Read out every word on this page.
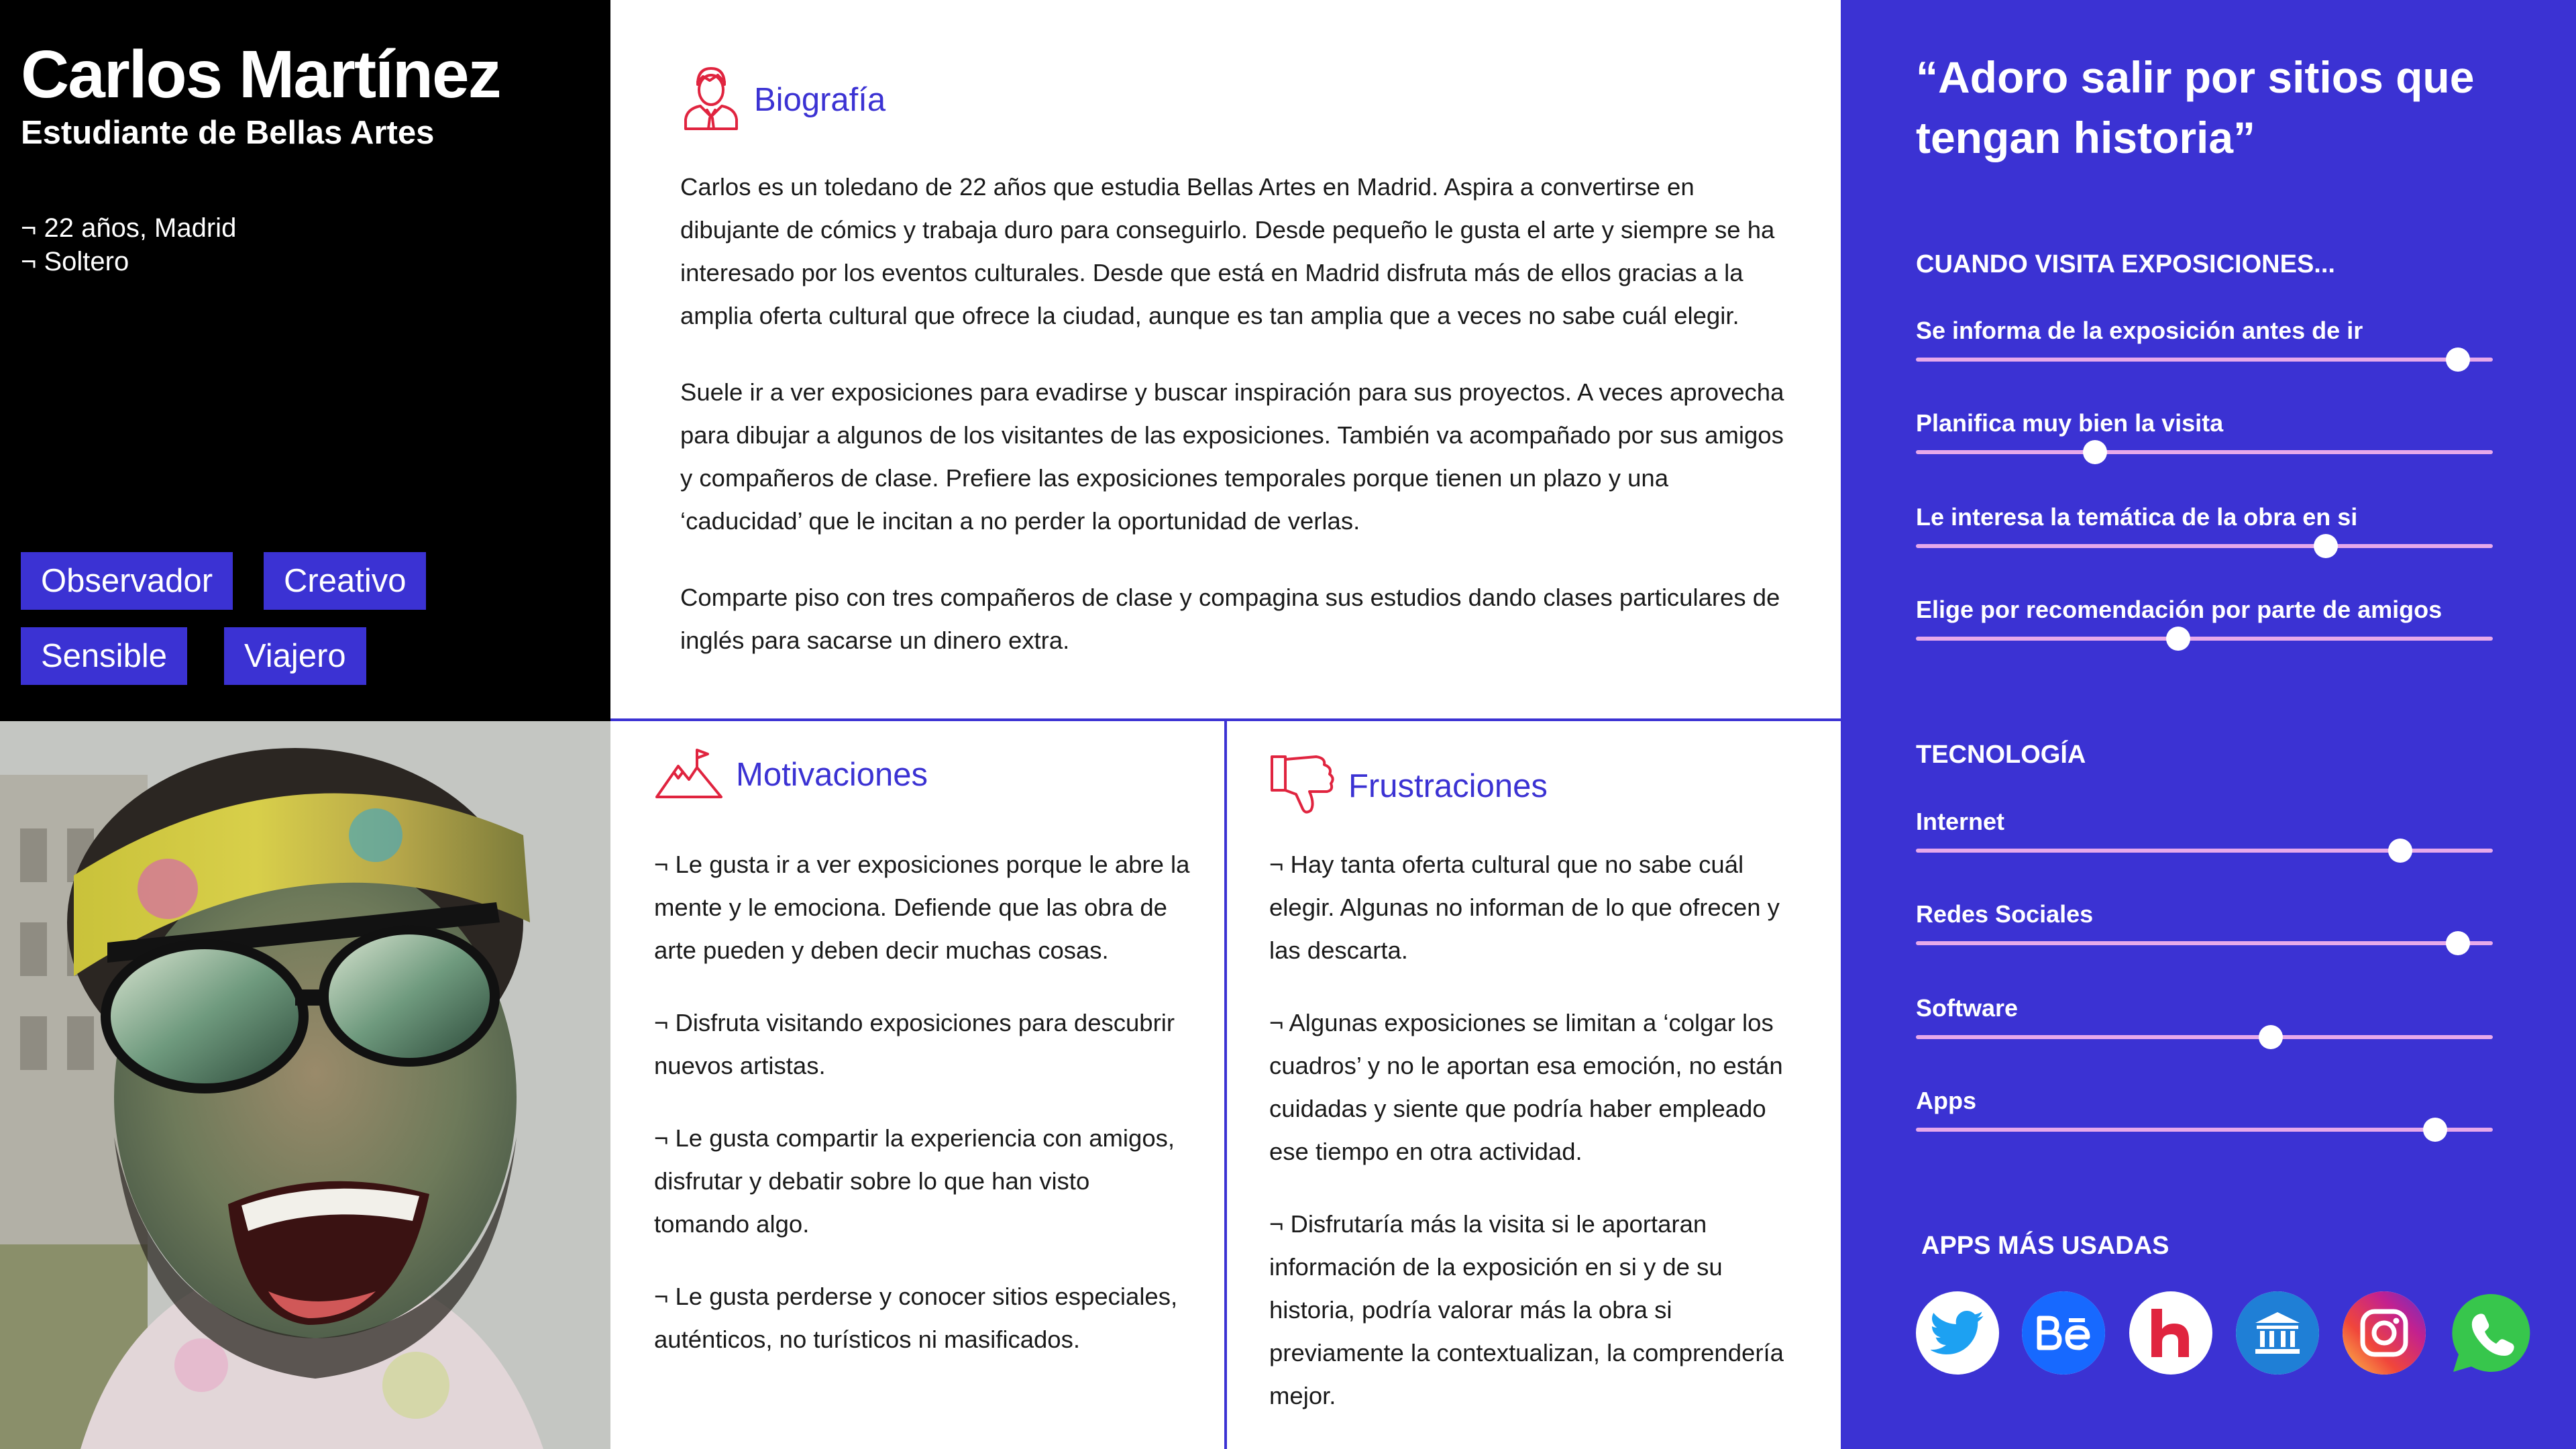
Carlos Martínez
Estudiante de Bellas Artes
¬ 22 años, Madrid
¬ Soltero
Observador	Creativo
Sensible	Viajero
Biografía

Carlos es un toledano de 22 años que estudia Bellas Artes en Madrid. Aspira a convertirse en dibujante de cómics y trabaja duro para conseguirlo. Desde pequeño le gusta el arte y siempre se ha interesado por los eventos culturales. Desde que está en Madrid disfruta más de ellos gracias a la amplia oferta cultural que ofrece la ciudad, aunque es tan amplia que a veces no sabe cuál elegir.

Suele ir a ver exposiciones para evadirse y buscar inspiración para sus proyectos. A veces aprovecha para dibujar a algunos de los visitantes de las exposiciones. También va acompañado por sus amigos y compañeros de clase. Prefiere las exposiciones temporales porque tienen un plazo y una ‘caducidad’ que le incitan a no perder la oportunidad de verlas.

Comparte piso con tres compañeros de clase y compagina sus estudios dando clases particulares de inglés para sacarse un dinero extra.

Motivaciones

¬ Le gusta ir a ver exposiciones porque le abre la mente y le emociona. Defiende que las obra de arte pueden y deben decir muchas cosas.

¬ Disfruta visitando exposiciones para descubrir nuevos artistas.

¬ Le gusta compartir la experiencia con amigos, disfrutar y debatir sobre lo que han visto tomando algo.

¬ Le gusta perderse y conocer sitios especiales, auténticos, no turísticos ni masificados.

Frustraciones

¬ Hay tanta oferta cultural que no sabe cuál elegir. Algunas no informan de lo que ofrecen y las descarta.

¬ Algunas exposiciones se limitan a ‘colgar los cuadros’ y no le aportan esa emoción, no están cuidadas y siente que podría haber empleado ese tiempo en otra actividad.

¬ Disfrutaría más la visita si le aportaran información de la exposición en si y de su historia, podría valorar más la obra si previamente la contextualizan, la comprendería mejor.

“Adoro salir por sitios que tengan historia”
CUANDO VISITA EXPOSICIONES...
Se informa de la exposición antes de ir
Planifica muy bien la visita
Le interesa la temática de la obra en si
Elige por recomendación por parte de amigos
TECNOLOGÍA
Internet
Redes Sociales
Software
Apps
APPS MÁS USADAS
